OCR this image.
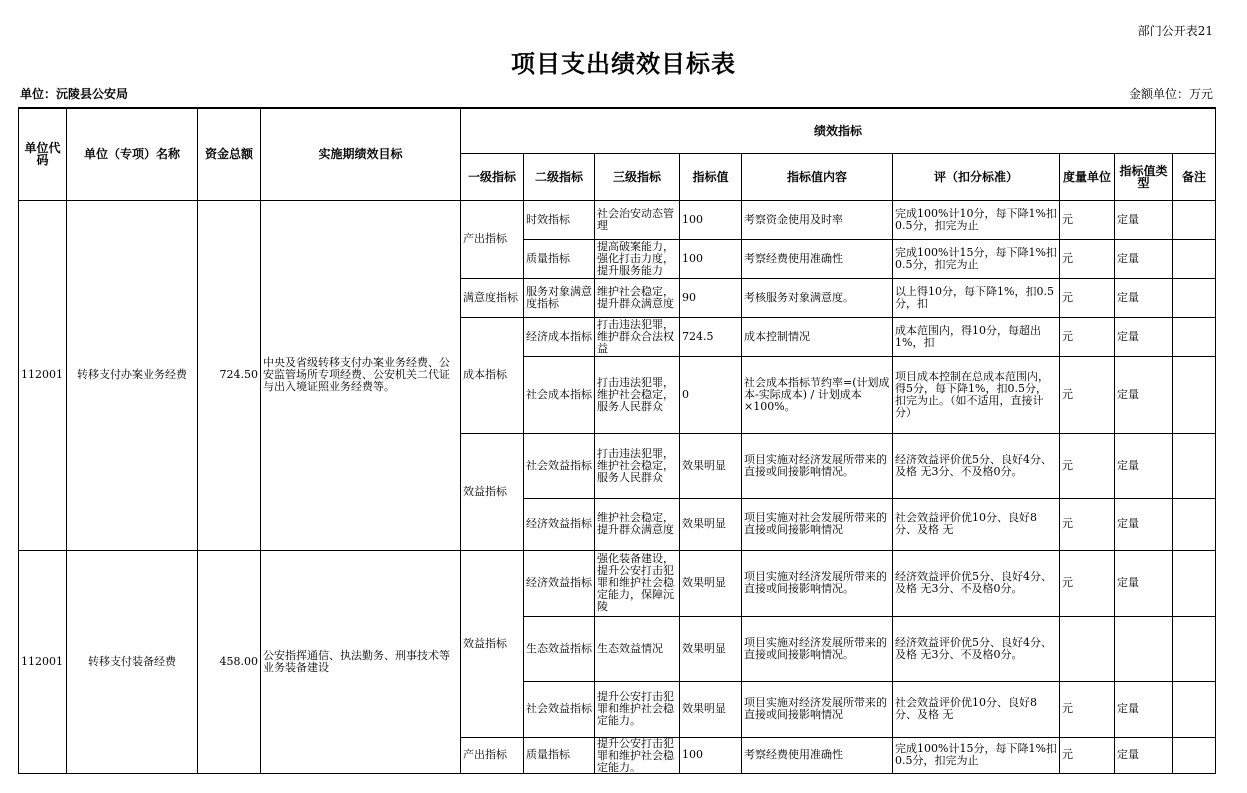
部门公开表21
项目支出绩效目标表
单位：沅陵县公安局	金额单位：万元
单位代码	单位（专项）名称	资金总额	实施期绩效目标	绩效指标								
				一级指标	二级指标	三级指标	指标值	指标值内容	评（扣分标准）	度量单位	指标值类型	备注
112001	转移支付办案业务经费	724.50	中央及省级转移支付办案业务经费、公安监管场所专项经费、公安机关二代证与出入境证照业务经费等。	产出指标	时效指标	社会治安动态管理	100	考察资金使用及时率	完成100%计10分，每下降1%扣0.5分，扣完为止	元	定量	
					质量指标	提高破案能力，强化打击力度，提升服务能力	100	考察经费使用准确性	完成100%计15分，每下降1%扣0.5分，扣完为止	元	定量	
				满意度指标	服务对象满意度指标	维护社会稳定，提升群众满意度	90	考核服务对象满意度。	以上得10分，每下降1%，扣0.5分，扣	元	定量	
				成本指标	经济成本指标	打击违法犯罪，维护群众合法权益	724.5	成本控制情况	成本范围内，得10分，每超出1%，扣	元	定量	
					社会成本指标	打击违法犯罪，维护社会稳定，服务人民群众	0	社会成本指标节约率=(计划成本-实际成本) / 计划成本×100%。	项目成本控制在总成本范围内，得5分，每下降1%，扣0.5分，扣完为止。（如不适用，直接计分）	元	定量	
				效益指标	社会效益指标	打击违法犯罪，维护社会稳定，服务人民群众	效果明显	项目实施对经济发展所带来的直接或间接影响情况。	经济效益评价优5分、良好4分、及格 无3分、不及格0分。	元	定量	
					经济效益指标	维护社会稳定，提升群众满意度	效果明显	项目实施对社会发展所带来的直接或间接影响情况	社会效益评价优10分、良好8分、及格 无	元	定量	
112001	转移支付装备经费	458.00	公安指挥通信、执法勤务、刑事技术等业务装备建设	效益指标	经济效益指标	强化装备建设，提升公安打击犯罪和维护社会稳定能力，保障沅陵	效果明显	项目实施对经济发展所带来的直接或间接影响情况。	经济效益评价优5分、良好4分、及格 无3分、不及格0分。	元	定量	
					生态效益指标	生态效益情况	效果明显	项目实施对经济发展所带来的直接或间接影响情况。	经济效益评价优5分、良好4分、及格 无3分、不及格0分。			

					社会效益指标	提升公安打击犯罪和维护社会稳定能力。	效果明显	项目实施对经济发展所带来的直接或间接影响情况	社会效益评价优10分、良好8分、及格 无	元	定量	
				产出指标	质量指标	提升公安打击犯罪和维护社会稳定能力。	100	考察经费使用准确性	完成100%计15分，每下降1%扣0.5分，扣完为止	元	定量	
